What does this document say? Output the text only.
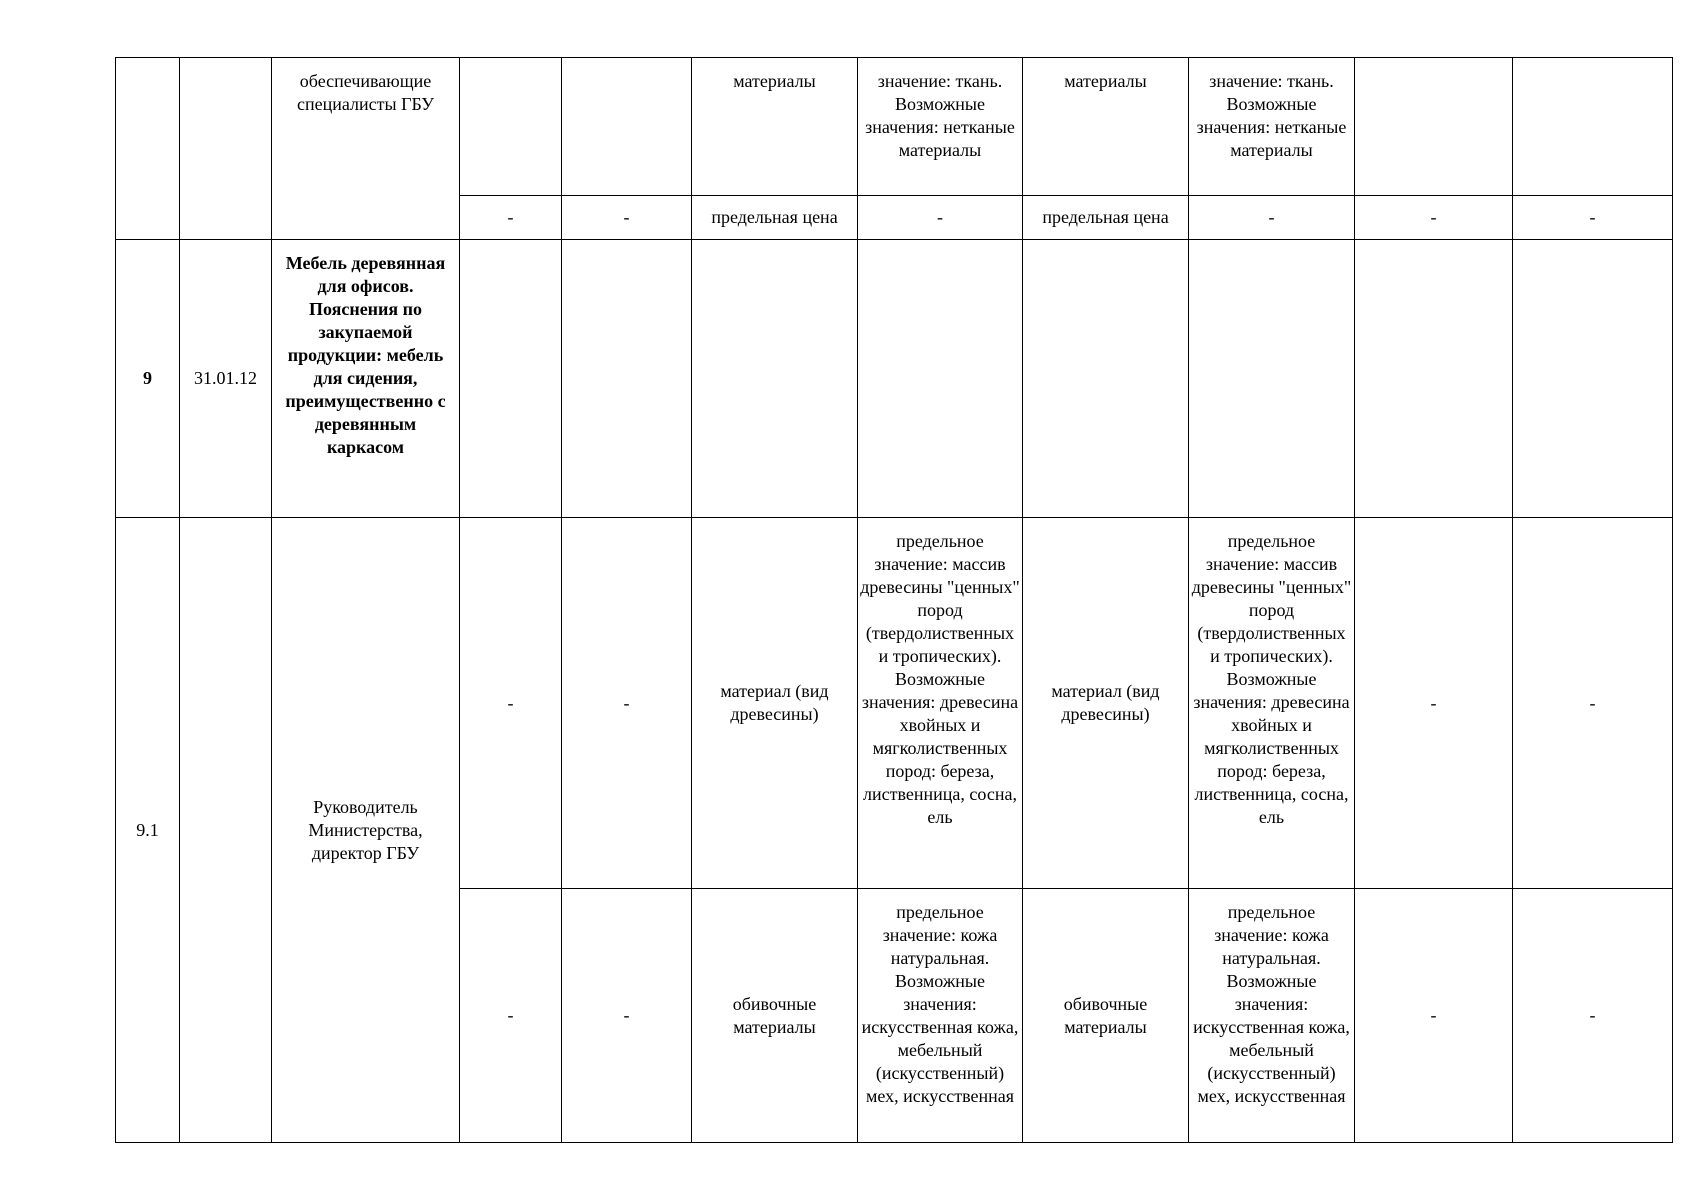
		обеспечивающие специалисты ГБУ			материалы	значение: ткань. Возможные значения: нетканые материалы	материалы	значение: ткань. Возможные значения: нетканые материалы		
			-	-	предельная цена	-	предельная цена	-	-	-
9	31.01.12	Мебель деревянная для офисов. Пояснения по закупаемой продукции: мебель для сидения, преимущественно с деревянным каркасом								
9.1		Руководитель Министерства, директор ГБУ	-	-	материал (вид древесины)	предельное значение: массив древесины "ценных" пород (твердолиственных и тропических). Возможные значения: древесина хвойных и мягколиственных пород: береза, лиственница, сосна, ель	материал (вид древесины)	предельное значение: массив древесины "ценных" пород (твердолиственных и тропических). Возможные значения: древесина хвойных и мягколиственных пород: береза, лиственница, сосна, ель	-	-
			-	-	обивочные материалы	предельное значение: кожа натуральная. Возможные значения: искусственная кожа, мебельный (искусственный) мех, искусственная	обивочные материалы	предельное значение: кожа натуральная. Возможные значения: искусственная кожа, мебельный (искусственный) мех, искусственная	-	-
